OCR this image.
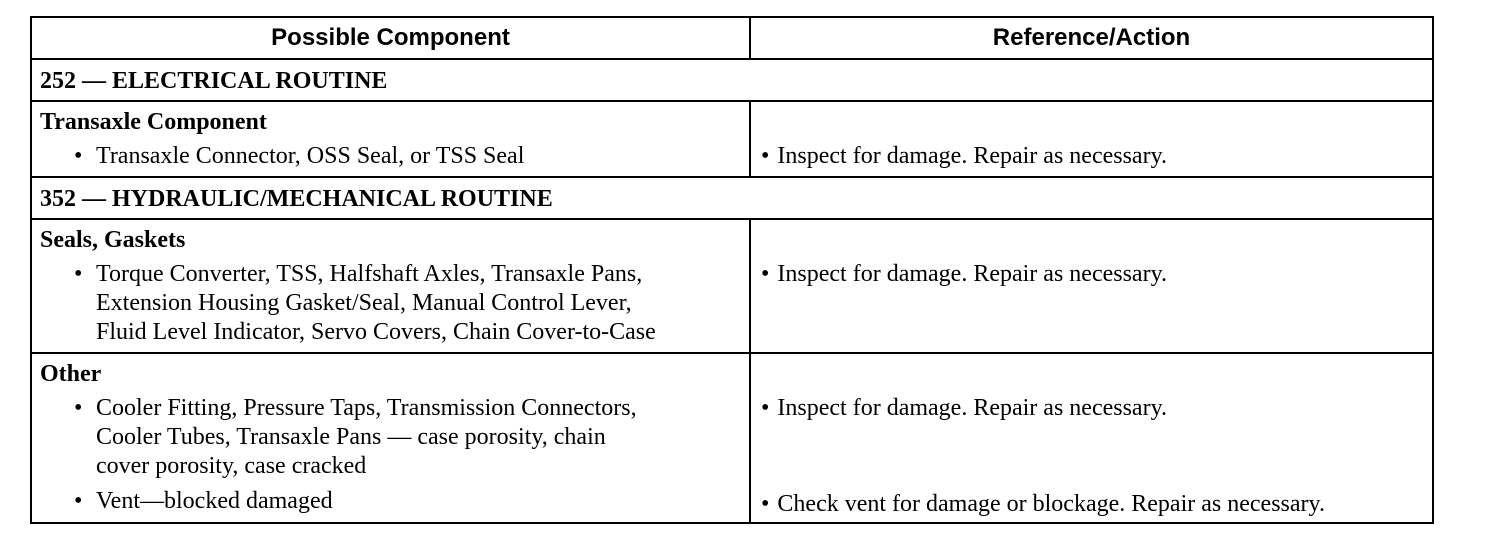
Possible Component	Reference/Action
252 — ELECTRICAL ROUTINE
Transaxle Component
• Transaxle Connector, OSS Seal, or TSS Seal	• Inspect for damage. Repair as necessary.
352 — HYDRAULIC/MECHANICAL ROUTINE
Seals, Gaskets
• Torque Converter, TSS, Halfshaft Axles, Transaxle Pans,
Extension Housing Gasket/Seal, Manual Control Lever,
Fluid Level Indicator, Servo Covers, Chain Cover-to-Case
• Inspect for damage. Repair as necessary.
Other
• Cooler Fitting, Pressure Taps, Transmission Connectors,
Cooler Tubes, Transaxle Pans — case porosity, chain
cover porosity, case cracked
• Vent—blocked damaged
• Inspect for damage. Repair as necessary.
• Check vent for damage or blockage. Repair as necessary.
